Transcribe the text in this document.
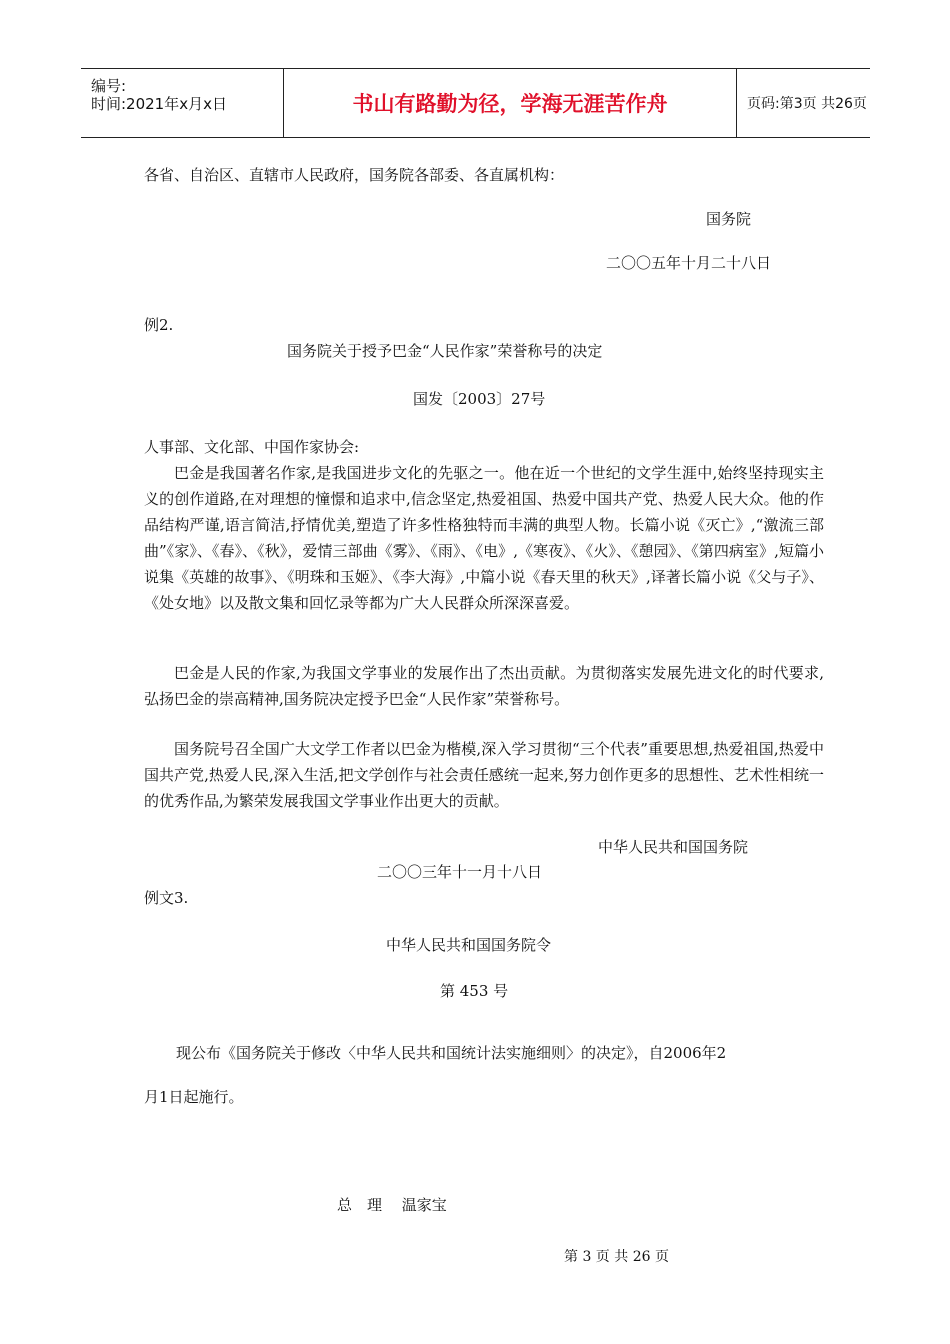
编号:
时间:2021年x月x日	书山有路勤为径，学海无涯苦作舟	页码:第3页 共26页
各省、自治区、直辖市人民政府，国务院各部委、各直属机构：
国务院
二〇〇五年十月二十八日
例2.
国务院关于授予巴金“人民作家”荣誉称号的决定
国发〔2003〕27号
人事部、文化部、中国作家协会:
巴金是我国著名作家,是我国进步文化的先驱之一。他在近一个世纪的文学生涯中,始终坚持现实主义的创作道路,在对理想的憧憬和追求中,信念坚定,热爱祖国、热爱中国共产党、热爱人民大众。他的作品结构严谨,语言简洁,抒情优美,塑造了许多性格独特而丰满的典型人物。长篇小说《灭亡》,“激流三部曲”《家》、《春》、《秋》，爱情三部曲《雾》、《雨》、《电》,《寒夜》、《火》、《憩园》、《第四病室》,短篇小说集《英雄的故事》、《明珠和玉姬》、《李大海》,中篇小说《春天里的秋天》,译著长篇小说《父与子》、《处女地》以及散文集和回忆录等都为广大人民群众所深深喜爱。
巴金是人民的作家,为我国文学事业的发展作出了杰出贡献。为贯彻落实发展先进文化的时代要求,弘扬巴金的崇高精神,国务院决定授予巴金“人民作家”荣誉称号。
国务院号召全国广大文学工作者以巴金为楷模,深入学习贯彻“三个代表”重要思想,热爱祖国,热爱中国共产党,热爱人民,深入生活,把文学创作与社会责任感统一起来,努力创作更多的思想性、艺术性相统一的优秀作品,为繁荣发展我国文学事业作出更大的贡献。
中华人民共和国国务院
二〇〇三年十一月十八日
例文3.
中华人民共和国国务院令
第 453 号
现公布《国务院关于修改〈中华人民共和国统计法实施细则〉的决定》，自2006年2
月1日起施行。
总　理　 温家宝
第 3 页 共 26 页
